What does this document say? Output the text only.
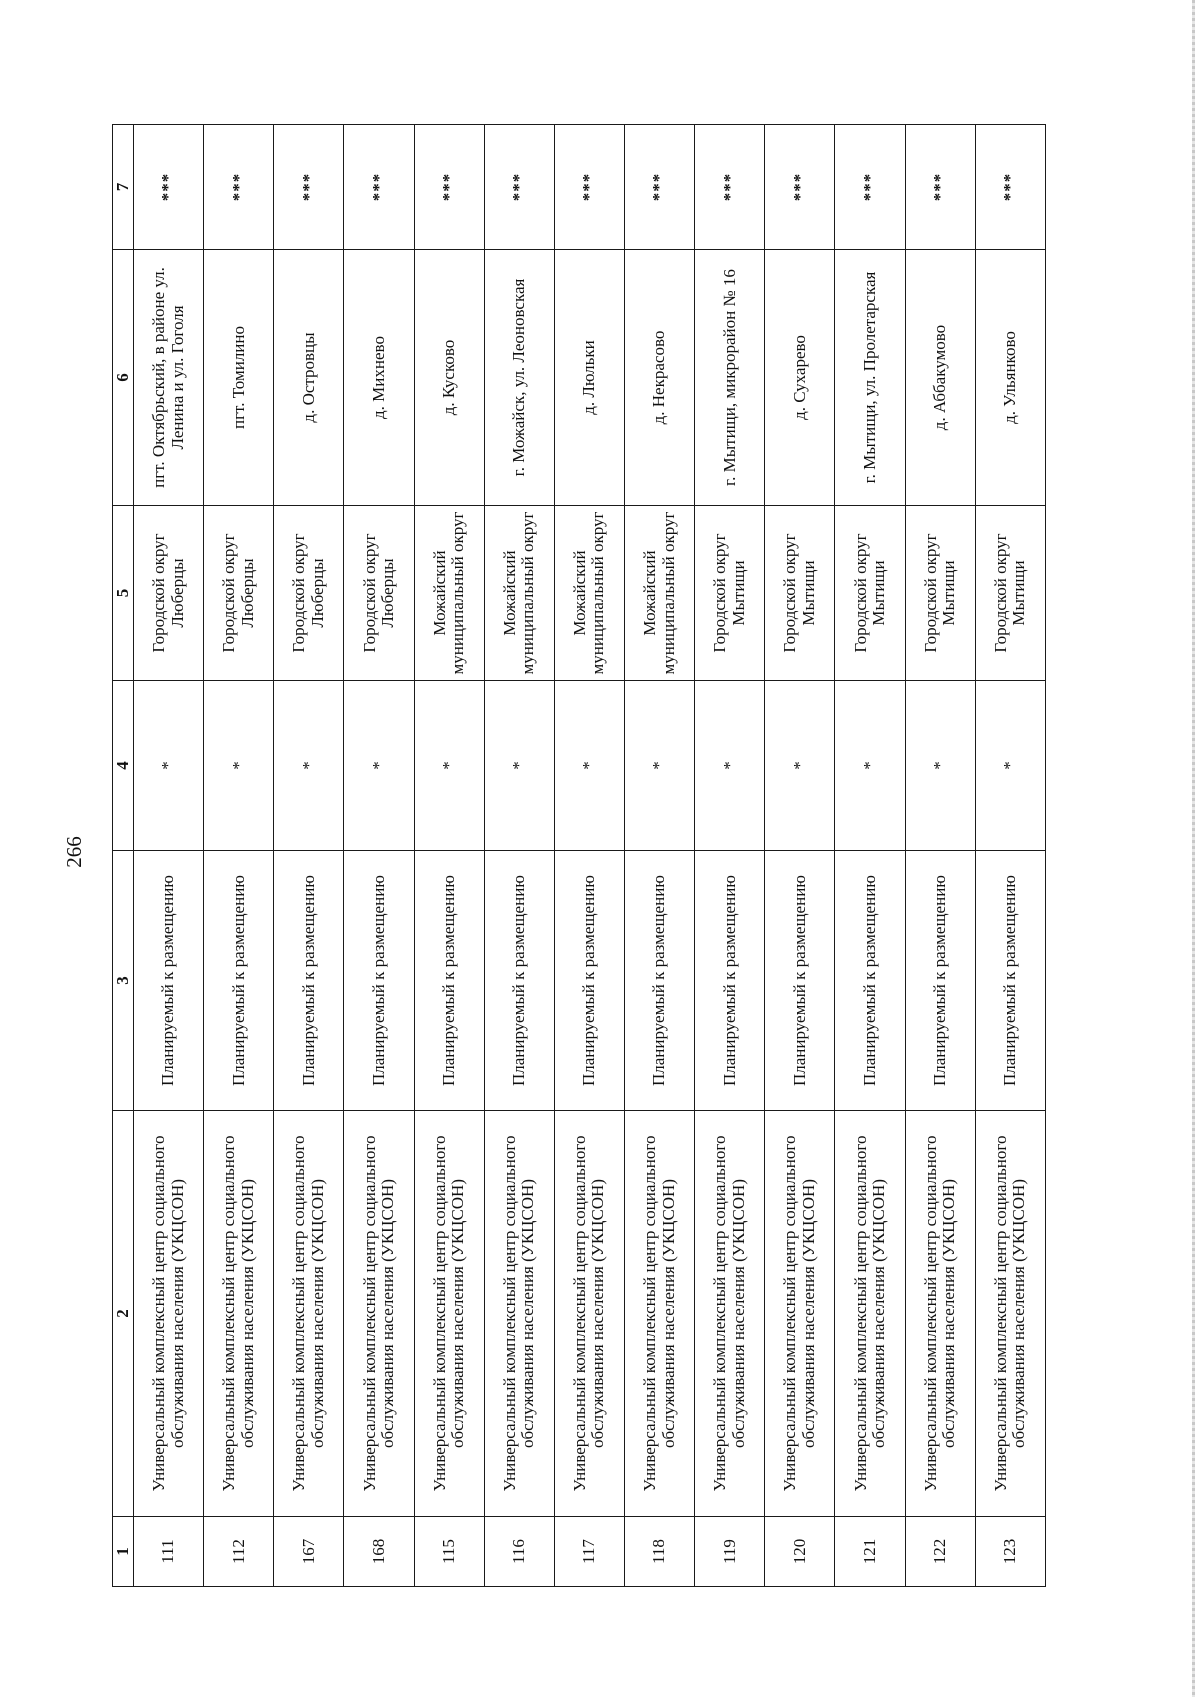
266
1	2	3	4	5	6	7
111	Универсальный комплексный центр социального обслуживания населения (УКЦСОН)	Планируемый к размещению	*	Городской округ Люберцы	пгт. Октябрьский, в районе ул. Ленина и ул. Гоголя	***
112	Универсальный комплексный центр социального обслуживания населения (УКЦСОН)	Планируемый к размещению	*	Городской округ Люберцы	пгт. Томилино	***
167	Универсальный комплексный центр социального обслуживания населения (УКЦСОН)	Планируемый к размещению	*	Городской округ Люберцы	д. Островцы	***
168	Универсальный комплексный центр социального обслуживания населения (УКЦСОН)	Планируемый к размещению	*	Городской округ Люберцы	д. Михнево	***
115	Универсальный комплексный центр социального обслуживания населения (УКЦСОН)	Планируемый к размещению	*	Можайский муниципальный округ	д. Кусково	***
116	Универсальный комплексный центр социального обслуживания населения (УКЦСОН)	Планируемый к размещению	*	Можайский муниципальный округ	г. Можайск, ул. Леоновская	***
117	Универсальный комплексный центр социального обслуживания населения (УКЦСОН)	Планируемый к размещению	*	Можайский муниципальный округ	д. Люльки	***
118	Универсальный комплексный центр социального обслуживания населения (УКЦСОН)	Планируемый к размещению	*	Можайский муниципальный округ	д. Некрасово	***
119	Универсальный комплексный центр социального обслуживания населения (УКЦСОН)	Планируемый к размещению	*	Городской округ Мытищи	г. Мытищи, микрорайон № 16	***
120	Универсальный комплексный центр социального обслуживания населения (УКЦСОН)	Планируемый к размещению	*	Городской округ Мытищи	д. Сухарево	***
121	Универсальный комплексный центр социального обслуживания населения (УКЦСОН)	Планируемый к размещению	*	Городской округ Мытищи	г. Мытищи, ул. Пролетарская	***
122	Универсальный комплексный центр социального обслуживания населения (УКЦСОН)	Планируемый к размещению	*	Городской округ Мытищи	д. Аббакумово	***
123	Универсальный комплексный центр социального обслуживания населения (УКЦСОН)	Планируемый к размещению	*	Городской округ Мытищи	д. Ульянково	***
